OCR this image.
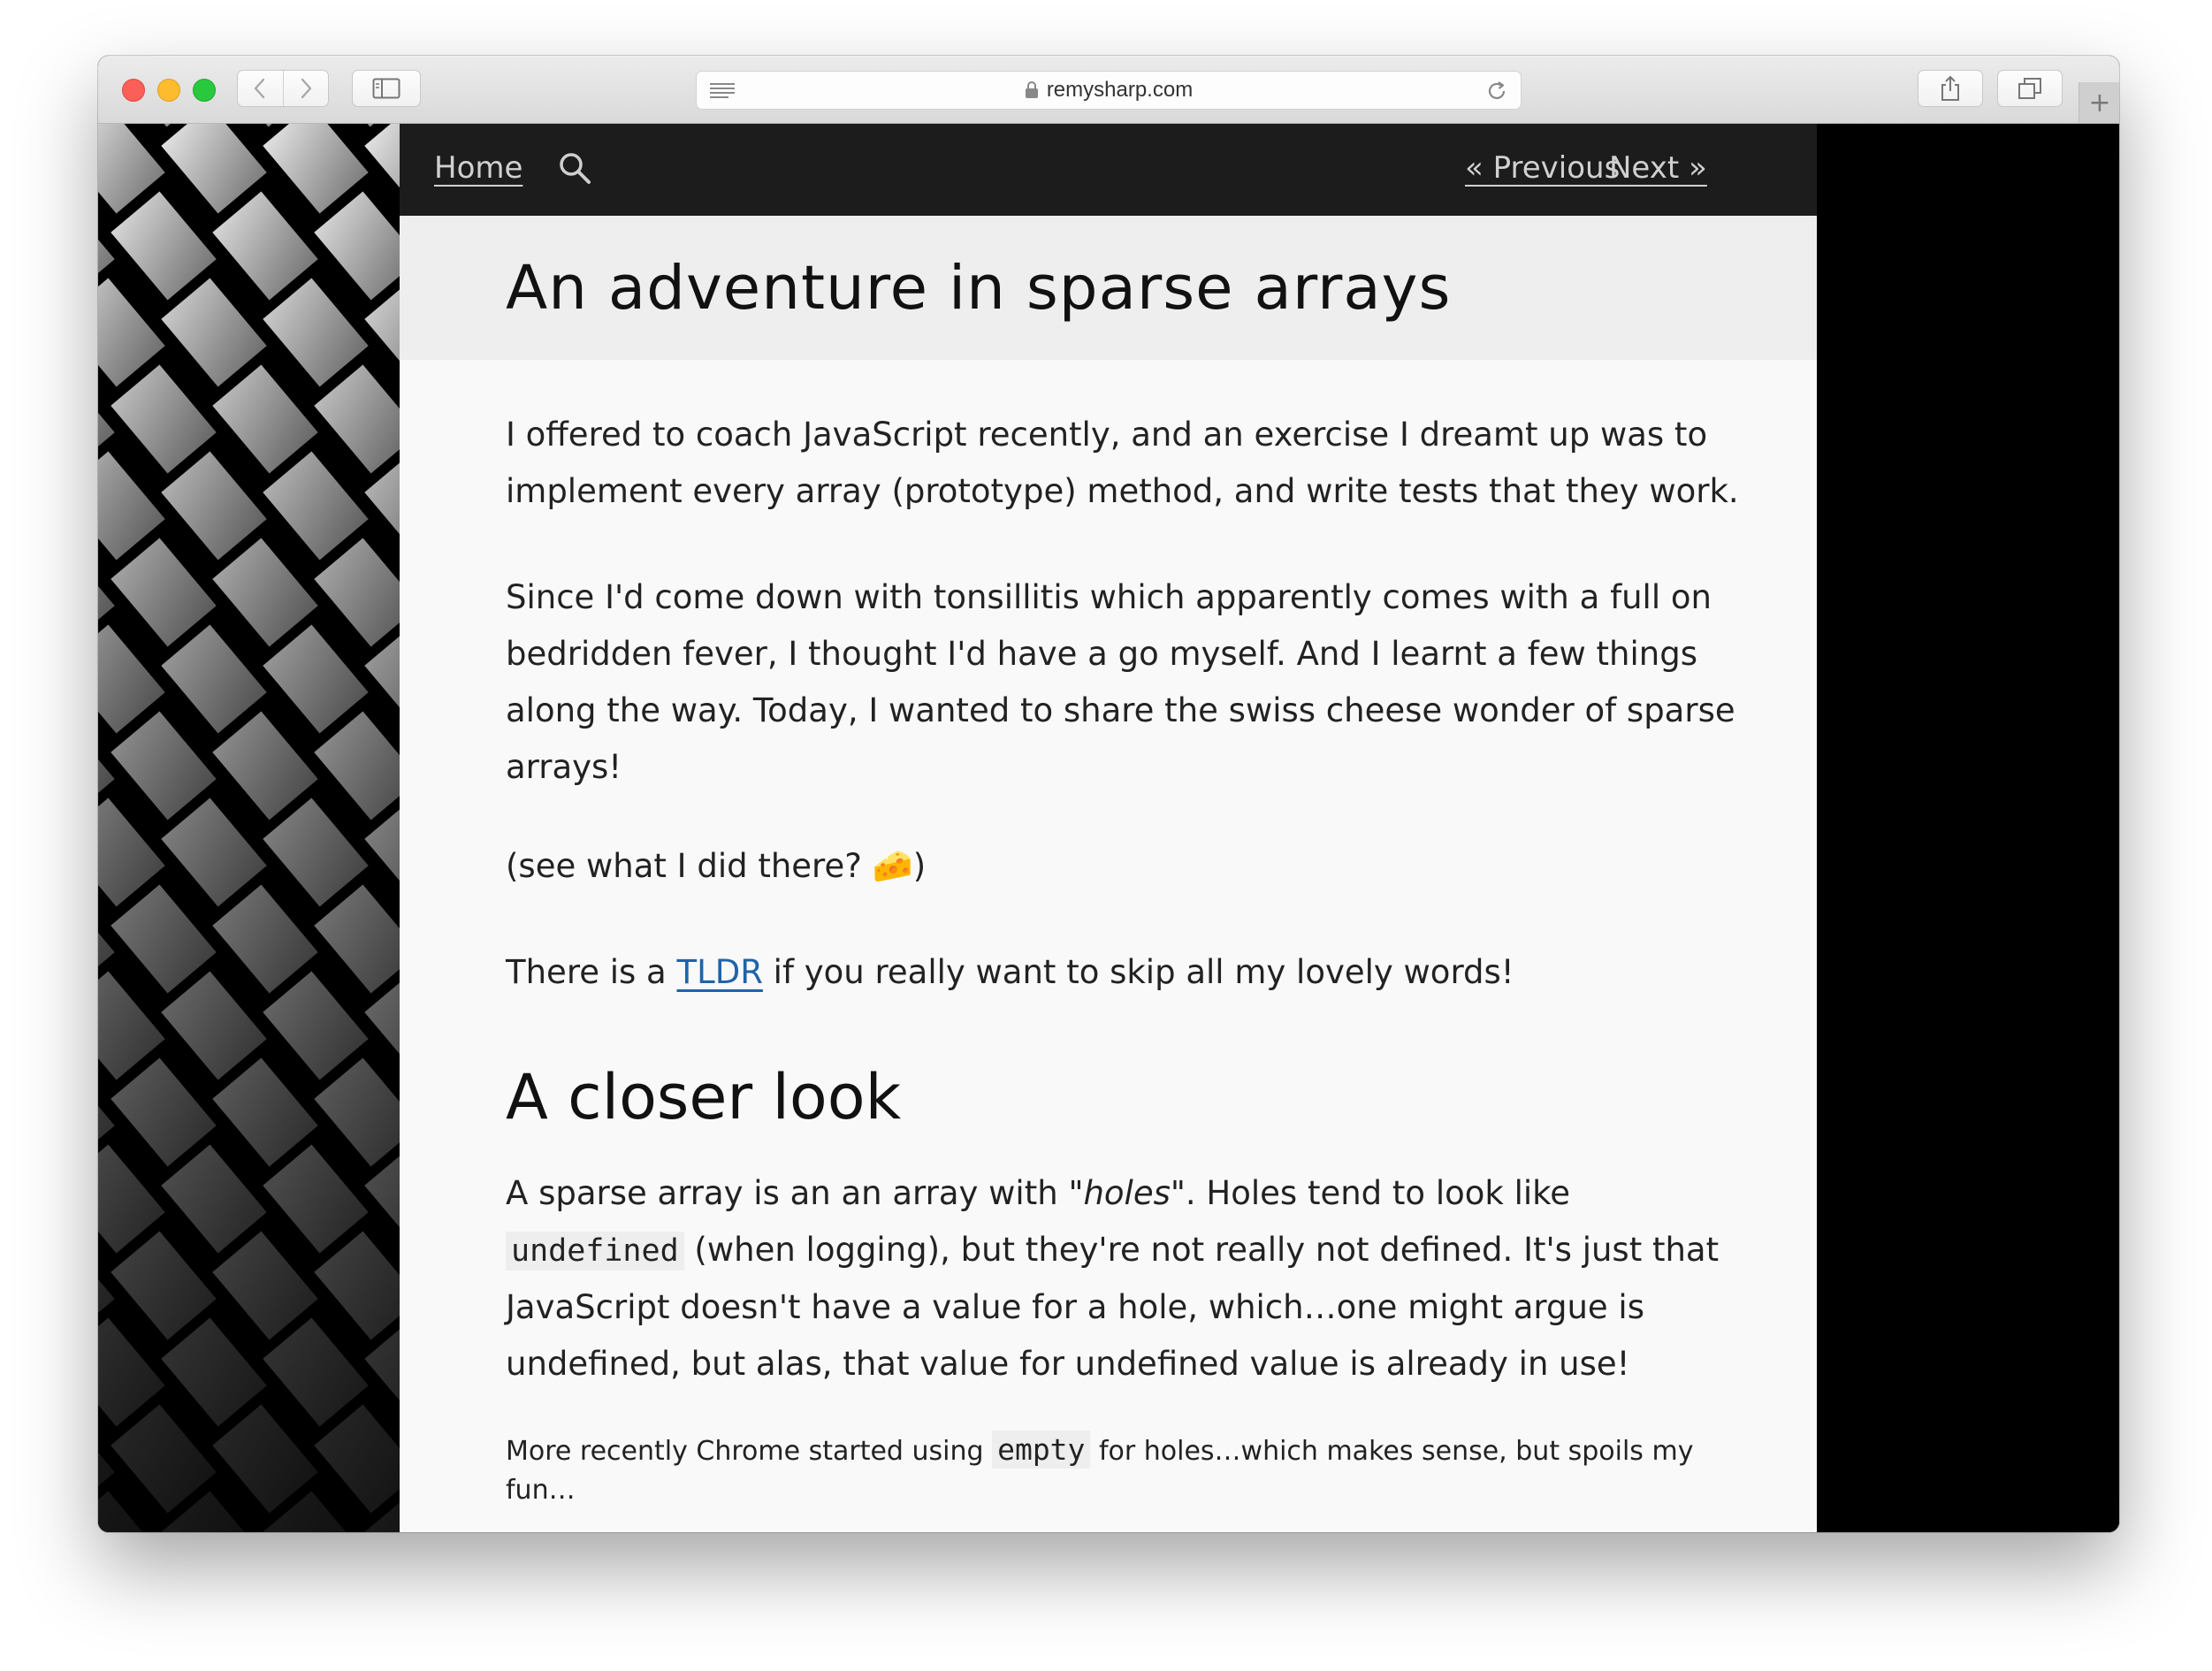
remysharp.com	+
Home	« Previous
Next »
An adventure in sparse arrays

I offered to coach JavaScript recently, and an exercise I dreamt up was to implement every array (prototype) method, and write tests that they work.

Since I'd come down with tonsillitis which apparently comes with a full on bedridden fever, I thought I'd have a go myself. And I learnt a few things along the way. Today, I wanted to share the swiss cheese wonder of sparse arrays!

(see what I did there? 🧀)

There is a TLDR if you really want to skip all my lovely words!

A closer look

A sparse array is an an array with "holes". Holes tend to look like undefined (when logging), but they're not really not defined. It's just that JavaScript doesn't have a value for a hole, which…one might argue is undefined, but alas, that value for undefined value is already in use!

More recently Chrome started using empty for holes…which makes sense, but spoils my fun…
